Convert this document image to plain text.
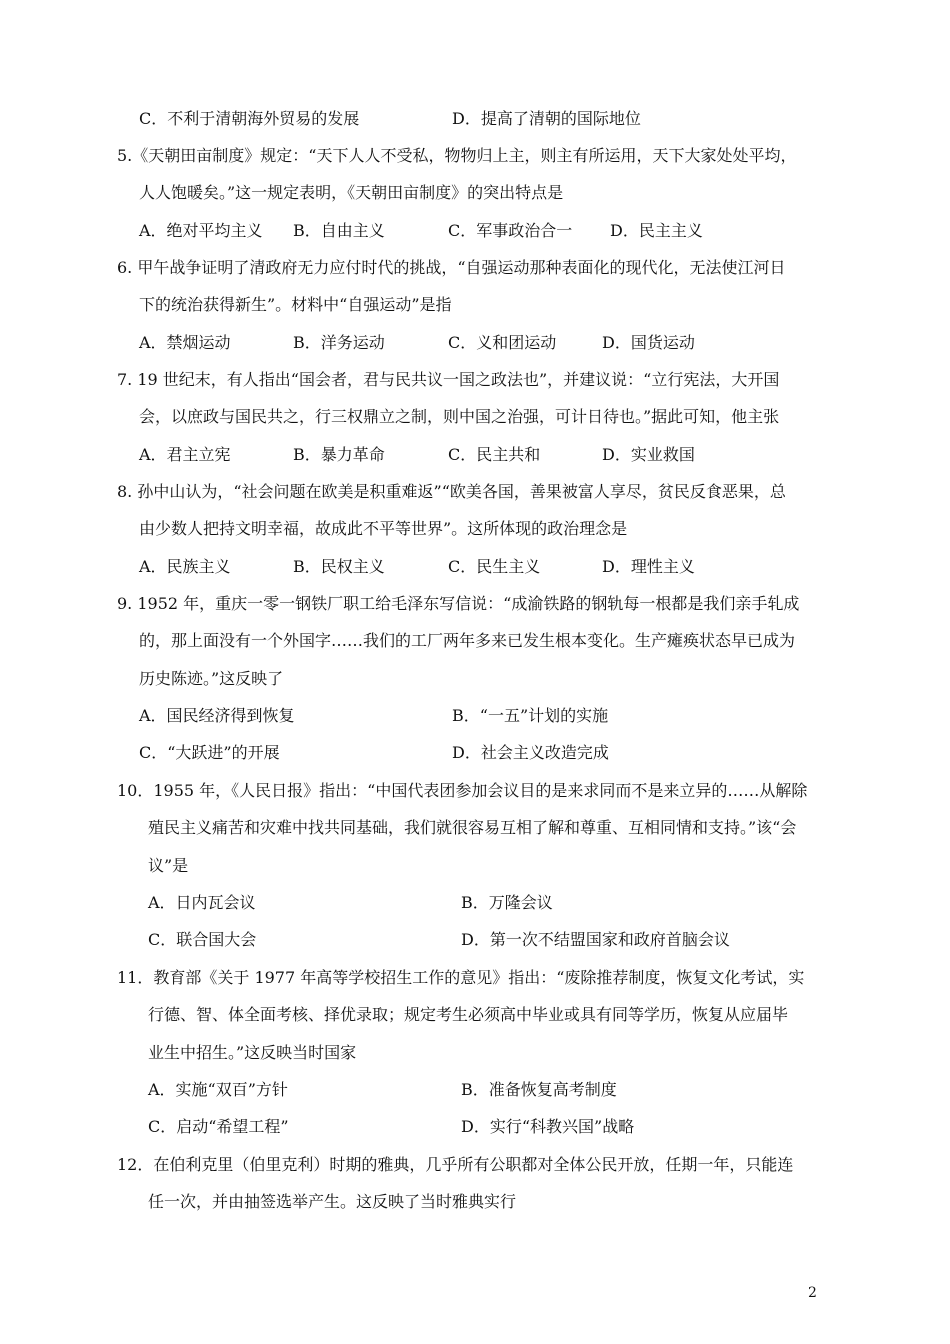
C．不利于清朝海外贸易的发展	D．提高了清朝的国际地位
5.《天朝田亩制度》规定：“天下人人不受私，物物归上主，则主有所运用，天下大家处处平均，
人人饱暖矣。”这一规定表明，《天朝田亩制度》的突出特点是
A．绝对平均主义 B．自由主义	C．军事政治合一 D．民主主义
6. 甲午战争证明了清政府无力应付时代的挑战，“自强运动那种表面化的现代化，无法使江河日
下的统治获得新生”。材料中“自强运动”是指
A．禁烟运动	B．洋务运动	C．义和团运动	D．国货运动
7. 19 世纪末，有人指出“国会者，君与民共议一国之政法也”，并建议说：“立行宪法，大开国
会，以庶政与国民共之，行三权鼎立之制，则中国之治强，可计日待也。”据此可知，他主张
A．君主立宪	B．暴力革命	C．民主共和	D．实业救国
8. 孙中山认为，“社会问题在欧美是积重难返”“欧美各国，善果被富人享尽，贫民反食恶果，总
由少数人把持文明幸福，故成此不平等世界”。这所体现的政治理念是
A．民族主义	B．民权主义	C．民生主义	D．理性主义
9. 1952 年，重庆一零一钢铁厂职工给毛泽东写信说：“成渝铁路的钢轨每一根都是我们亲手轧成
的，那上面没有一个外国字……我们的工厂两年多来已发生根本变化。生产瘫痪状态早已成为
历史陈迹。”这反映了
A．国民经济得到恢复	B．“一五”计划的实施
C．“大跃进”的开展	D．社会主义改造完成
10．1955 年，《人民日报》指出：“中国代表团参加会议目的是来求同而不是来立异的……从解除
殖民主义痛苦和灾难中找共同基础，我们就很容易互相了解和尊重、互相同情和支持。”该“会
议”是
A．日内瓦会议	B．万隆会议
C．联合国大会	D．第一次不结盟国家和政府首脑会议
11．教育部《关于 1977 年高等学校招生工作的意见》指出：“废除推荐制度，恢复文化考试，实
行德、智、体全面考核、择优录取；规定考生必须高中毕业或具有同等学历，恢复从应届毕
业生中招生。”这反映当时国家
A．实施“双百”方针	B．准备恢复高考制度
C．启动“希望工程”	D．实行“科教兴国”战略
12．在伯利克里（伯里克利）时期的雅典，几乎所有公职都对全体公民开放，任期一年，只能连
任一次，并由抽签选举产生。这反映了当时雅典实行
2
